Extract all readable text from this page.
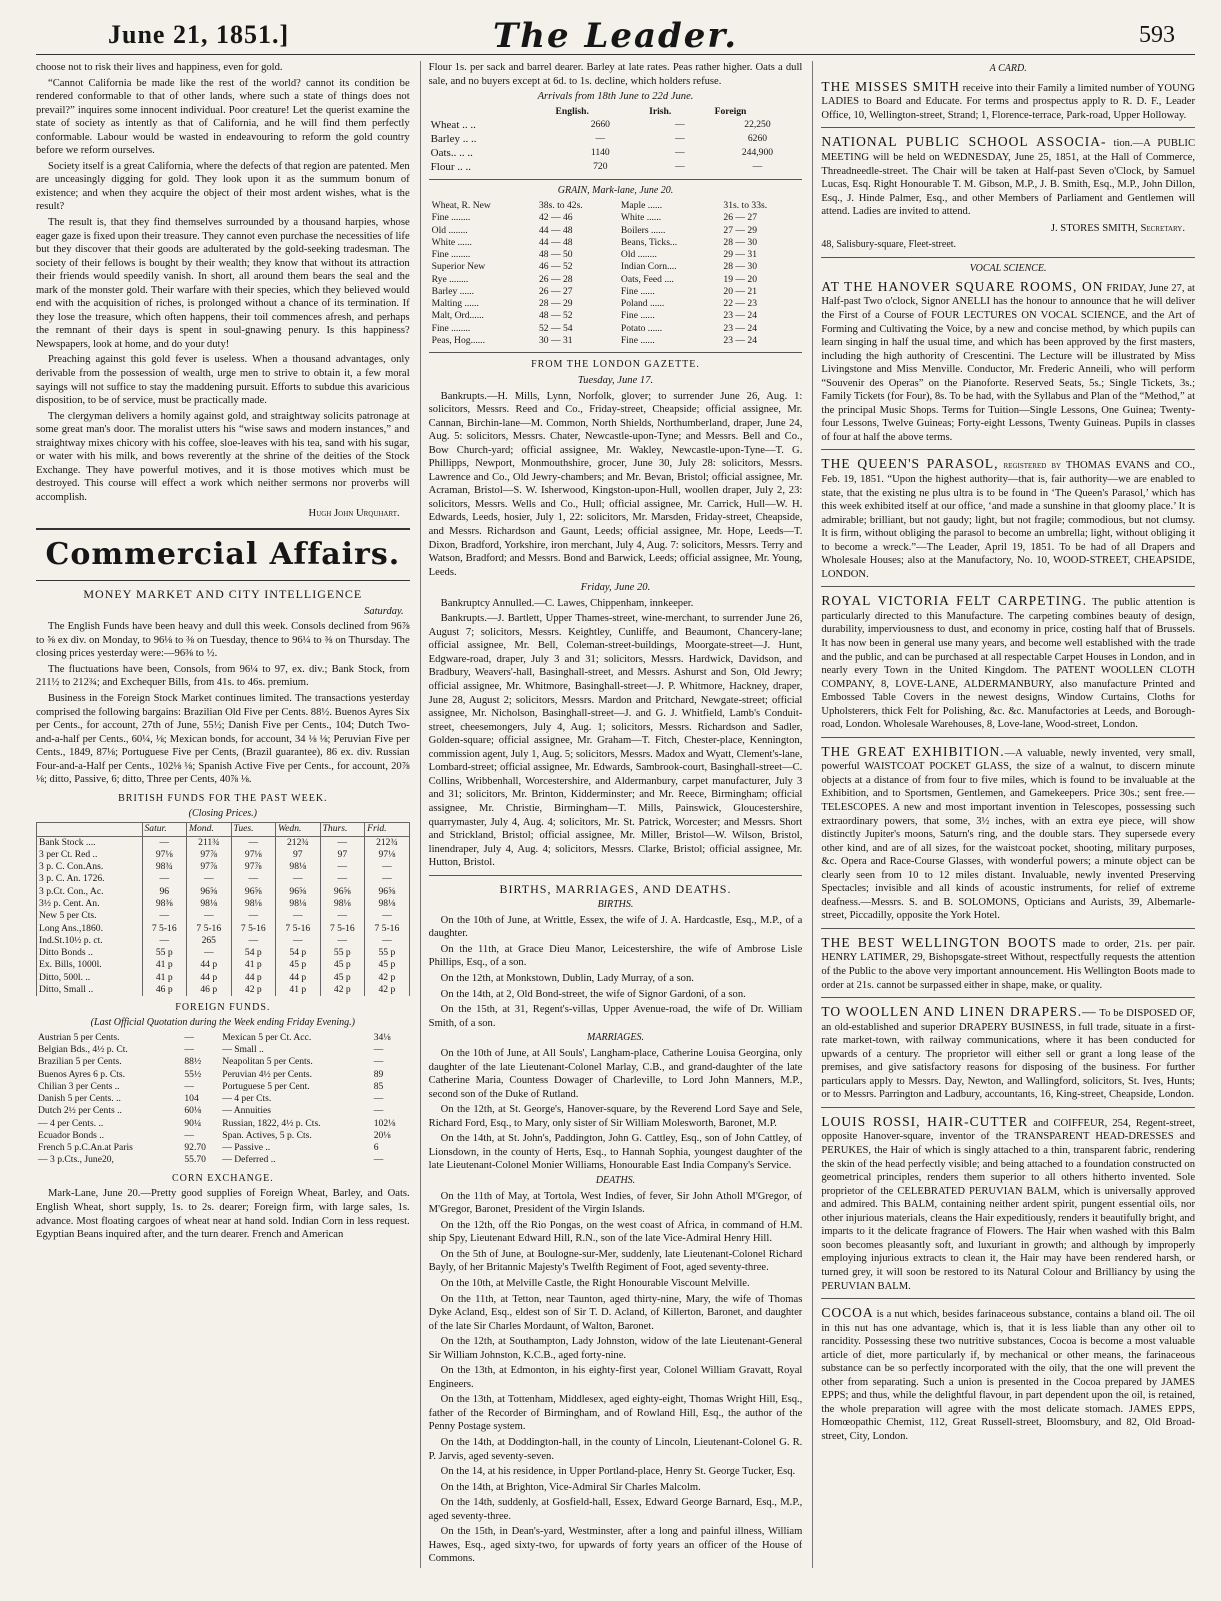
June 21, 1851.]	The Leader.	593

choose not to risk their lives and happiness, even for gold.

“Cannot California be made like the rest of the world? cannot its condition be rendered conformable to that of other lands, where such a state of things does not prevail?” inquires some innocent individual. Poor creature! Let the querist examine the state of society as intently as that of California, and he will find them perfectly conformable. Labour would be wasted in endeavouring to reform the gold country before we reform ourselves.

Society itself is a great California, where the defects of that region are patented. Men are unceasingly digging for gold. They look upon it as the summum bonum of existence; and when they acquire the object of their most ardent wishes, what is the result?

The result is, that they find themselves surrounded by a thousand harpies, whose eager gaze is fixed upon their treasure. They cannot even purchase the necessities of life but they discover that their goods are adulterated by the gold-seeking tradesman. The society of their fellows is bought by their wealth; they know that without its attraction their friends would speedily vanish. In short, all around them bears the seal and the mark of the monster gold. Their warfare with their species, which they believed would end with the acquisition of riches, is prolonged without a chance of its termination. If they lose the treasure, which often happens, their toil commences afresh, and perhaps the remnant of their days is spent in soul-gnawing penury. Is this happiness? Newspapers, look at home, and do your duty!

Preaching against this gold fever is useless. When a thousand advantages, only derivable from the possession of wealth, urge men to strive to obtain it, a few moral sayings will not suffice to stay the maddening pursuit. Efforts to subdue this avaricious disposition, to be of service, must be practically made.

The clergyman delivers a homily against gold, and straightway solicits patronage at some great man's door. The moralist utters his “wise saws and modern instances,” and straightway mixes chicory with his coffee, sloe-leaves with his tea, sand with his sugar, or water with his milk, and bows reverently at the shrine of the deities of the Stock Exchange. They have powerful motives, and it is those motives which must be destroyed. This course will effect a work which neither sermons nor proverbs will accomplish.

Hugh John Urquhart.
Commercial Affairs.
MONEY MARKET AND CITY INTELLIGENCE
Saturday.

The English Funds have been heavy and dull this week. Consols declined from 96⅞ to ⅝ ex div. on Monday, to 96⅛ to ⅜ on Tuesday, thence to 96¼ to ⅜ on Thursday. The closing prices yesterday were:—96⅜ to ½.

The fluctuations have been, Consols, from 96¼ to 97, ex. div.; Bank Stock, from 211½ to 212¾; and Exchequer Bills, from 41s. to 46s. premium.

Business in the Foreign Stock Market continues limited. The transactions yesterday comprised the following bargains: Brazilian Old Five per Cents. 88½. Buenos Ayres Six per Cents., for account, 27th of June, 55½; Danish Five per Cents., 104; Dutch Two-and-a-half per Cents., 60¼, ⅛; Mexican bonds, for account, 34 ⅛ ⅛; Peruvian Five per Cents., 1849, 87⅛; Portuguese Five per Cents, (Brazil guarantee), 86 ex. div. Russian Four-and-a-Half per Cents., 102⅛ ⅛; Spanish Active Five per Cents., for account, 20⅞ ⅛; ditto, Passive, 6; ditto, Three per Cents, 40⅞ ⅛.

BRITISH FUNDS FOR THE PAST WEEK.
(Closing Prices.)
	Satur.	Mond.	Tues.	Wedn.	Thurs.	Frid.
Bank Stock ....	—	211¾	—	212¾	—	212¾
3 per Ct. Red ..	97⅛	97⅞	97⅛	97	97	97⅛
3 p. C. Con.Ans.	98¾	97⅞	97⅞	98⅛	—	—
3 p. C. An. 1726.	—	—	—	—	—	—
3 p.Ct. Con., Ac.	96	96⅝	96⅝	96⅝	96⅝	96⅝
3½ p. Cent. An.	98⅜	98⅛	98⅛	98⅛	98⅛	98⅛
New 5 per Cts.	—	—	—	—	—	—
Long Ans.,1860.	7 5-16	7 5-16	7 5-16	7 5-16	7 5-16	7 5-16
Ind.St.10½ p. ct.	—	265	—	—	—	—
Ditto Bonds ..	55 p	—	54 p	54 p	55 p	55 p
Ex. Bills, 1000l.	41 p	44 p	41 p	45 p	45 p	45 p
Ditto, 500l. ..	41 p	44 p	44 p	44 p	45 p	42 p
Ditto, Small ..	46 p	46 p	42 p	41 p	42 p	42 p
FOREIGN FUNDS.
(Last Official Quotation during the Week ending Friday Evening.)
Austrian 5 per Cents.	—	Mexican 5 per Ct. Acc.	34⅛
Belgian Bds., 4½ p. Ct.	—	— Small ..	—
Brazilian 5 per Cents.	88½	Neapolitan 5 per Cents.	—
Buenos Ayres 6 p. Cts.	55½	Peruvian 4½ per Cents.	89
Chilian 3 per Cents ..	—	Portuguese 5 per Cent.	85
Danish 5 per Cents. ..	104	— 4 per Cts.	—
Dutch 2½ per Cents ..	60⅛	— Annuities	—
— 4 per Cents. ..	90¼	Russian, 1822, 4½ p. Cts.	102⅛
Ecuador Bonds ..	—	Span. Actives, 5 p. Cts.	20⅛
French 5 p.C.An.at Paris	92.70	— Passive ..	6
— 3 p.Cts., June20,	55.70	— Deferred ..	—
CORN EXCHANGE.

Mark-Lane, June 20.—Pretty good supplies of Foreign Wheat, Barley, and Oats. English Wheat, short supply, 1s. to 2s. dearer; Foreign firm, with large sales, 1s. advance. Most floating cargoes of wheat near at hand sold. Indian Corn in less request. Egyptian Beans inquired after, and the turn dearer. French and American

Flour 1s. per sack and barrel dearer. Barley at late rates. Peas rather higher. Oats a dull sale, and no buyers except at 6d. to 1s. decline, which holders refuse.

Arrivals from 18th June to 22d June.
	English.	Irish.	Foreign
Wheat .. ..	2660	—	22,250
Barley .. ..	—	—	6260
Oats.. .. ..	1140	—	244,900
Flour .. ..	720	—	—
GRAIN, Mark-lane, June 20.
Wheat, R. New	38s. to 42s.	Maple ......	31s. to 33s.
Fine ........	42 — 46	White ......	26 — 27
Old ........	44 — 48	Boilers ......	27 — 29
White ......	44 — 48	Beans, Ticks...	28 — 30
Fine ........	48 — 50	Old ........	29 — 31
Superior New	46 — 52	Indian Corn....	28 — 30
Rye ........	26 — 28	Oats, Feed ....	19 — 20
Barley ......	26 — 27	Fine ......	20 — 21
Malting ......	28 — 29	Poland ......	22 — 23
Malt, Ord......	48 — 52	Fine ......	23 — 24
Fine ........	52 — 54	Potato ......	23 — 24
Peas, Hog......	30 — 31	Fine ......	23 — 24
FROM THE LONDON GAZETTE.
Tuesday, June 17.

Bankrupts.—H. Mills, Lynn, Norfolk, glover; to surrender June 26, Aug. 1: solicitors, Messrs. Reed and Co., Friday-street, Cheapside; official assignee, Mr. Cannan, Birchin-lane—M. Common, North Shields, Northumberland, draper, June 24, Aug. 5: solicitors, Messrs. Chater, Newcastle-upon-Tyne; and Messrs. Bell and Co., Bow Church-yard; official assignee, Mr. Wakley, Newcastle-upon-Tyne—T. G. Phillipps, Newport, Monmouthshire, grocer, June 30, July 28: solicitors, Messrs. Lawrence and Co., Old Jewry-chambers; and Mr. Bevan, Bristol; official assignee, Mr. Acraman, Bristol—S. W. Isherwood, Kingston-upon-Hull, woollen draper, July 2, 23: solicitors, Messrs. Wells and Co., Hull; official assignee, Mr. Carrick, Hull—W. H. Edwards, Leeds, hosier, July 1, 22: solicitors, Mr. Marsden, Friday-street, Cheapside, and Messrs. Richardson and Gaunt, Leeds; official assignee, Mr. Hope, Leeds—T. Dixon, Bradford, Yorkshire, iron merchant, July 4, Aug. 7: solicitors, Messrs. Terry and Watson, Bradford; and Messrs. Bond and Barwick, Leeds; official assignee, Mr. Young, Leeds.

Friday, June 20.

Bankruptcy Annulled.—C. Lawes, Chippenham, innkeeper.

Bankrupts.—J. Bartlett, Upper Thames-street, wine-merchant, to surrender June 26, August 7; solicitors, Messrs. Keightley, Cunliffe, and Beaumont, Chancery-lane; official assignee, Mr. Bell, Coleman-street-buildings, Moorgate-street—J. Hunt, Edgware-road, draper, July 3 and 31; solicitors, Messrs. Hardwick, Davidson, and Bradbury, Weavers'-hall, Basinghall-street, and Messrs. Ashurst and Son, Old Jewry; official assignee, Mr. Whitmore, Basinghall-street—J. P. Whitmore, Hackney, draper, June 28, August 2; solicitors, Messrs. Mardon and Pritchard, Newgate-street; official assignee, Mr. Nicholson, Basinghall-street—J. and G. J. Whitfield, Lamb's Conduit-street, cheesemongers, July 4, Aug. 1; solicitors, Messrs. Richardson and Sadler, Golden-square; official assignee, Mr. Graham—T. Fitch, Chester-place, Kennington, commission agent, July 1, Aug. 5; solicitors, Messrs. Madox and Wyatt, Clement's-lane, Lombard-street; official assignee, Mr. Edwards, Sambrook-court, Basinghall-street—C. Collins, Wribbenhall, Worcestershire, and Aldermanbury, carpet manufacturer, July 3 and 31; solicitors, Mr. Brinton, Kidderminster; and Mr. Reece, Birmingham; official assignee, Mr. Christie, Birmingham—T. Mills, Painswick, Gloucestershire, quarrymaster, July 4, Aug. 4; solicitors, Mr. St. Patrick, Worcester; and Messrs. Short and Strickland, Bristol; official assignee, Mr. Miller, Bristol—W. Wilson, Bristol, linendraper, July 4, Aug. 4; solicitors, Messrs. Clarke, Bristol; official assignee, Mr. Hutton, Bristol.

BIRTHS, MARRIAGES, AND DEATHS.
BIRTHS.

On the 10th of June, at Writtle, Essex, the wife of J. A. Hardcastle, Esq., M.P., of a daughter.

On the 11th, at Grace Dieu Manor, Leicestershire, the wife of Ambrose Lisle Phillips, Esq., of a son.

On the 12th, at Monkstown, Dublin, Lady Murray, of a son.

On the 14th, at 2, Old Bond-street, the wife of Signor Gardoni, of a son.

On the 15th, at 31, Regent's-villas, Upper Avenue-road, the wife of Dr. William Smith, of a son.

MARRIAGES.

On the 10th of June, at All Souls', Langham-place, Catherine Louisa Georgina, only daughter of the late Lieutenant-Colonel Marlay, C.B., and grand-daughter of the late Catherine Maria, Countess Dowager of Charleville, to Lord John Manners, M.P., second son of the Duke of Rutland.

On the 12th, at St. George's, Hanover-square, by the Reverend Lord Saye and Sele, Richard Ford, Esq., to Mary, only sister of Sir William Molesworth, Baronet, M.P.

On the 14th, at St. John's, Paddington, John G. Cattley, Esq., son of John Cattley, of Lionsdown, in the county of Herts, Esq., to Hannah Sophia, youngest daughter of the late Lieutenant-Colonel Monier Williams, Honourable East India Company's Service.

DEATHS.

On the 11th of May, at Tortola, West Indies, of fever, Sir John Atholl M'Gregor, of M'Gregor, Baronet, President of the Virgin Islands.

On the 12th, off the Rio Pongas, on the west coast of Africa, in command of H.M. ship Spy, Lieutenant Edward Hill, R.N., son of the late Vice-Admiral Henry Hill.

On the 5th of June, at Boulogne-sur-Mer, suddenly, late Lieutenant-Colonel Richard Bayly, of her Britannic Majesty's Twelfth Regiment of Foot, aged seventy-three.

On the 10th, at Melville Castle, the Right Honourable Viscount Melville.

On the 11th, at Tetton, near Taunton, aged thirty-nine, Mary, the wife of Thomas Dyke Acland, Esq., eldest son of Sir T. D. Acland, of Killerton, Baronet, and daughter of the late Sir Charles Mordaunt, of Walton, Baronet.

On the 12th, at Southampton, Lady Johnston, widow of the late Lieutenant-General Sir William Johnston, K.C.B., aged forty-nine.

On the 13th, at Edmonton, in his eighty-first year, Colonel William Gravatt, Royal Engineers.

On the 13th, at Tottenham, Middlesex, aged eighty-eight, Thomas Wright Hill, Esq., father of the Recorder of Birmingham, and of Rowland Hill, Esq., the author of the Penny Postage system.

On the 14th, at Doddington-hall, in the county of Lincoln, Lieutenant-Colonel G. R. P. Jarvis, aged seventy-seven.

On the 14, at his residence, in Upper Portland-place, Henry St. George Tucker, Esq.

On the 14th, at Brighton, Vice-Admiral Sir Charles Malcolm.

On the 14th, suddenly, at Gosfield-hall, Essex, Edward George Barnard, Esq., M.P., aged seventy-three.

On the 15th, in Dean's-yard, Westminster, after a long and painful illness, William Hawes, Esq., aged sixty-two, for upwards of forty years an officer of the House of Commons.

A CARD.

THE MISSES SMITH receive into their Family a limited number of YOUNG LADIES to Board and Educate. For terms and prospectus apply to R. D. F., Leader Office, 10, Wellington-street, Strand; 1, Florence-terrace, Park-road, Upper Holloway.

NATIONAL PUBLIC SCHOOL ASSOCIA- tion.—A PUBLIC MEETING will be held on WEDNESDAY, June 25, 1851, at the Hall of Commerce, Threadneedle-street. The Chair will be taken at Half-past Seven o'Clock, by Samuel Lucas, Esq. Right Honourable T. M. Gibson, M.P., J. B. Smith, Esq., M.P., John Dillon, Esq., J. Hinde Palmer, Esq., and other Members of Parliament and Gentlemen will attend. Ladies are invited to attend.

J. STORES SMITH, Secretary.
48, Salisbury-square, Fleet-street.
VOCAL SCIENCE.

AT THE HANOVER SQUARE ROOMS, ON FRIDAY, June 27, at Half-past Two o'clock, Signor ANELLI has the honour to announce that he will deliver the First of a Course of FOUR LECTURES ON VOCAL SCIENCE, and the Art of Forming and Cultivating the Voice, by a new and concise method, by which pupils can learn singing in half the usual time, and which has been approved by the first masters, including the high authority of Crescentini. The Lecture will be illustrated by Miss Livingstone and Miss Menville. Conductor, Mr. Frederic Anneili, who will perform “Souvenir des Operas” on the Pianoforte. Reserved Seats, 5s.; Single Tickets, 3s.; Family Tickets (for Four), 8s. To be had, with the Syllabus and Plan of the “Method,” at the principal Music Shops. Terms for Tuition—Single Lessons, One Guinea; Twenty-four Lessons, Twelve Guineas; Forty-eight Lessons, Twenty Guineas. Pupils in classes of four at half the above terms.

THE QUEEN'S PARASOL, registered by THOMAS EVANS and CO., Feb. 19, 1851. “Upon the highest authority—that is, fair authority—we are enabled to state, that the existing ne plus ultra is to be found in ‘The Queen's Parasol,’ which has this week exhibited itself at our office, ‘and made a sunshine in that gloomy place.’ It is admirable; brilliant, but not gaudy; light, but not fragile; commodious, but not clumsy. It is firm, without obliging the parasol to become an umbrella; light, without obliging it to become a wreck.”—The Leader, April 19, 1851. To be had of all Drapers and Wholesale Houses; also at the Manufactory, No. 10, WOOD-STREET, CHEAPSIDE, LONDON.

ROYAL VICTORIA FELT CARPETING. The public attention is particularly directed to this Manufacture. The carpeting combines beauty of design, durability, imperviousness to dust, and economy in price, costing half that of Brussels. It has now been in general use many years, and become well established with the trade and the public, and can be purchased at all respectable Carpet Houses in London, and in nearly every Town in the United Kingdom. The PATENT WOOLLEN CLOTH COMPANY, 8, LOVE-LANE, ALDERMANBURY, also manufacture Printed and Embossed Table Covers in the newest designs, Window Curtains, Cloths for Upholsterers, thick Felt for Polishing, &c. &c. Manufactories at Leeds, and Borough-road, London. Wholesale Warehouses, 8, Love-lane, Wood-street, London.

THE GREAT EXHIBITION.—A valuable, newly invented, very small, powerful WAISTCOAT POCKET GLASS, the size of a walnut, to discern minute objects at a distance of from four to five miles, which is found to be invaluable at the Exhibition, and to Sportsmen, Gentlemen, and Gamekeepers. Price 30s.; sent free.—TELESCOPES. A new and most important invention in Telescopes, possessing such extraordinary powers, that some, 3½ inches, with an extra eye piece, will show distinctly Jupiter's moons, Saturn's ring, and the double stars. They supersede every other kind, and are of all sizes, for the waistcoat pocket, shooting, military purposes, &c. Opera and Race-Course Glasses, with wonderful powers; a minute object can be clearly seen from 10 to 12 miles distant. Invaluable, newly invented Preserving Spectacles; invisible and all kinds of acoustic instruments, for relief of extreme deafness.—Messrs. S. and B. SOLOMONS, Opticians and Aurists, 39, Albemarle-street, Piccadilly, opposite the York Hotel.

THE BEST WELLINGTON BOOTS made to order, 21s. per pair. HENRY LATIMER, 29, Bishopsgate-street Without, respectfully requests the attention of the Public to the above very important announcement. His Wellington Boots made to order at 21s. cannot be surpassed either in shape, make, or quality.

TO WOOLLEN AND LINEN DRAPERS.— To be DISPOSED OF, an old-established and superior DRAPERY BUSINESS, in full trade, situate in a first-rate market-town, with railway communications, where it has been conducted for upwards of a century. The proprietor will either sell or grant a long lease of the premises, and give satisfactory reasons for disposing of the business. For further particulars apply to Messrs. Day, Newton, and Wallingford, solicitors, St. Ives, Hunts; or to Messrs. Parrington and Ladbury, accountants, 16, King-street, Cheapside, London.

LOUIS ROSSI, HAIR-CUTTER and COIFFEUR, 254, Regent-street, opposite Hanover-square, inventor of the TRANSPARENT HEAD-DRESSES and PERUKES, the Hair of which is singly attached to a thin, transparent fabric, rendering the skin of the head perfectly visible; and being attached to a foundation constructed on geometrical principles, renders them superior to all others hitherto invented. Sole proprietor of the CELEBRATED PERUVIAN BALM, which is universally approved and admired. This BALM, containing neither ardent spirit, pungent essential oils, nor other injurious materials, cleans the Hair expeditiously, renders it beautifully bright, and imparts to it the delicate fragrance of Flowers. The Hair when washed with this Balm soon becomes pleasantly soft, and luxuriant in growth; and although by improperly employing injurious extracts to clean it, the Hair may have been rendered harsh, or turned grey, it will soon be restored to its Natural Colour and Brilliancy by using the PERUVIAN BALM.

COCOA is a nut which, besides farinaceous substance, contains a bland oil. The oil in this nut has one advantage, which is, that it is less liable than any other oil to rancidity. Possessing these two nutritive substances, Cocoa is become a most valuable article of diet, more particularly if, by mechanical or other means, the farinaceous substance can be so perfectly incorporated with the oily, that the one will prevent the other from separating. Such a union is presented in the Cocoa prepared by JAMES EPPS; and thus, while the delightful flavour, in part dependent upon the oil, is retained, the whole preparation will agree with the most delicate stomach. JAMES EPPS, Homœopathic Chemist, 112, Great Russell-street, Bloomsbury, and 82, Old Broad-street, City, London.
